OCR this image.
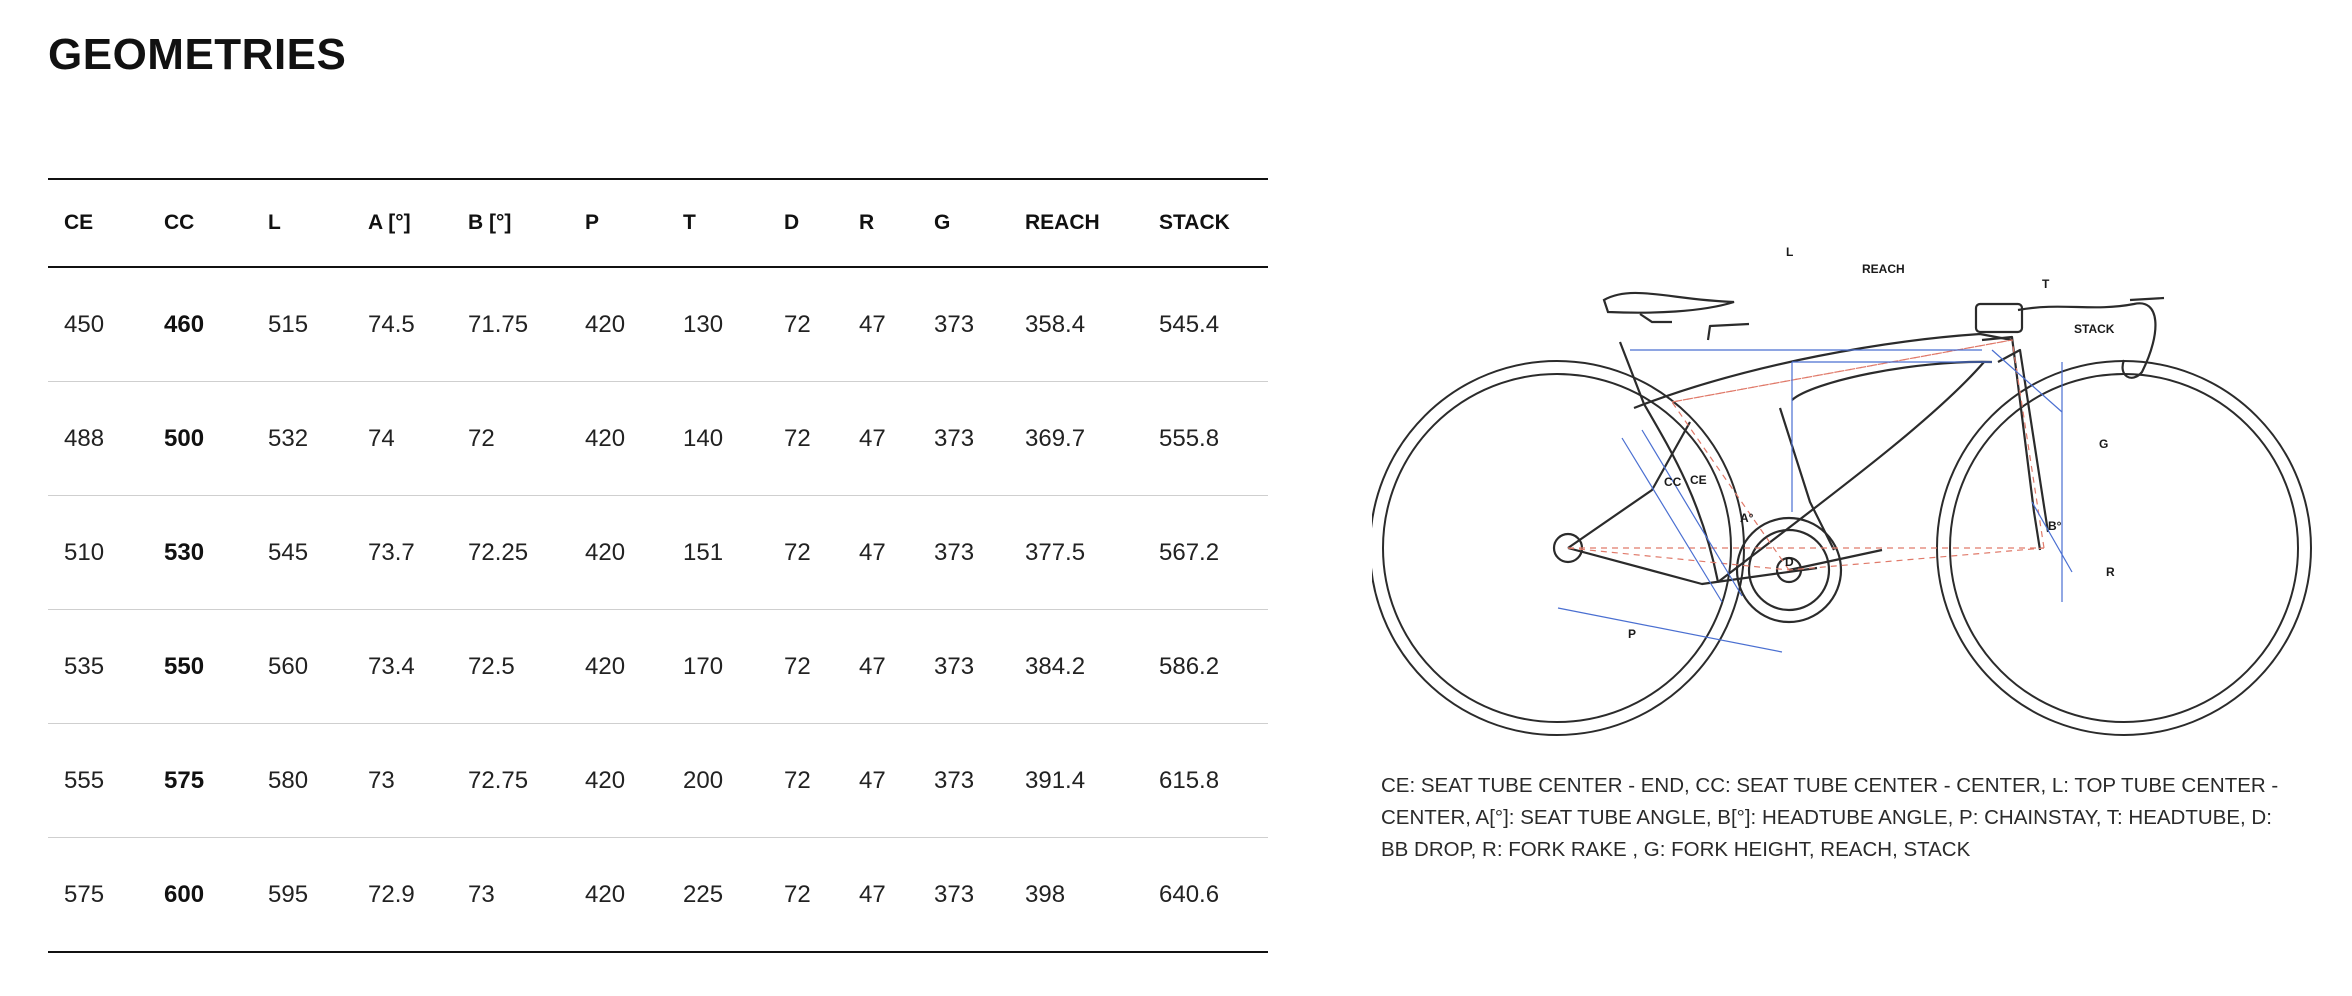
GEOMETRIES
CE	CC	L	A [°]	B [°]	P	T	D	R	G	REACH	STACK
450	460	515	74.5	71.75	420	130	72	47	373	358.4	545.4
488	500	532	74	72	420	140	72	47	373	369.7	555.8
510	530	545	73.7	72.25	420	151	72	47	373	377.5	567.2
535	550	560	73.4	72.5	420	170	72	47	373	384.2	586.2
555	575	580	73	72.75	420	200	72	47	373	391.4	615.8
575	600	595	72.9	73	420	225	72	47	373	398	640.6
L
REACH
T
STACK
G
CC CE
A°
B°
D
R
P

CE: SEAT TUBE CENTER - END, CC: SEAT TUBE CENTER - CENTER, L: TOP TUBE CENTER - CENTER, A[°]: SEAT TUBE ANGLE, B[°]: HEADTUBE ANGLE, P: CHAINSTAY, T: HEADTUBE, D: BB DROP, R: FORK RAKE , G: FORK HEIGHT, REACH, STACK
